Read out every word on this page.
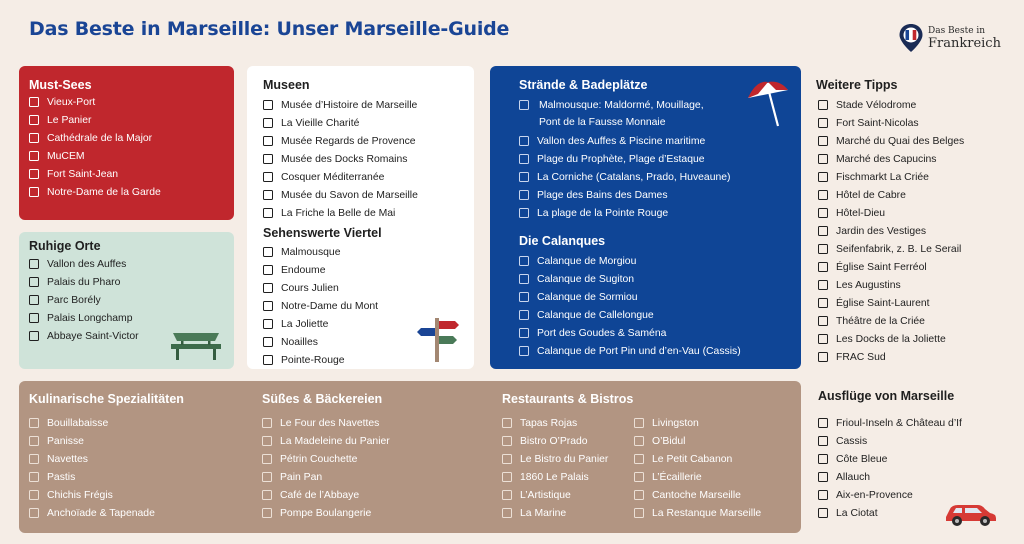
Das Beste in Marseille: Unser Marseille-Guide	Das Beste in
Frankreich
Must-Sees
Vieux-Port
Le Panier
Cathédrale de la Major
MuCEM
Fort Saint-Jean
Notre-Dame de la Garde
Ruhige Orte
Vallon des Auffes
Palais du Pharo
Parc Borély
Palais Longchamp
Abbaye Saint-Victor
Museen
Musée d’Histoire de Marseille
La Vieille Charité
Musée Regards de Provence
Musée des Docks Romains
Cosquer Méditerranée
Musée du Savon de Marseille
La Friche la Belle de Mai
Sehenswerte Viertel
Malmousque
Endoume
Cours Julien
Notre-Dame du Mont
La Joliette
Noailles
Pointe-Rouge
Strände & Badeplätze
Malmousque: Maldormé, Mouillage,
Pont de la Fausse Monnaie
Vallon des Auffes & Piscine maritime
Plage du Prophète, Plage d’Estaque
La Corniche (Catalans, Prado, Huveaune)
Plage des Bains des Dames
La plage de la Pointe Rouge
Die Calanques
Calanque de Morgiou
Calanque de Sugiton
Calanque de Sormiou
Calanque de Callelongue
Port des Goudes & Saména
Calanque de Port Pin und d’en-Vau (Cassis)
Weitere Tipps
Stade Vélodrome
Fort Saint-Nicolas
Marché du Quai des Belges
Marché des Capucins
Fischmarkt La Criée
Hôtel de Cabre
Hôtel-Dieu
Jardin des Vestiges
Seifenfabrik, z. B. Le Serail
Église Saint Ferréol
Les Augustins
Église Saint-Laurent
Théâtre de la Criée
Les Docks de la Joliette
FRAC Sud
Kulinarische Spezialitäten
Bouillabaisse
Panisse
Navettes
Pastis
Chichis Frégis
Anchoïade & Tapenade
Süßes & Bäckereien
Le Four des Navettes
La Madeleine du Panier
Pétrin Couchette
Pain Pan
Café de l’Abbaye
Pompe Boulangerie
Restaurants & Bistros
Tapas Rojas
Bistro O’Prado
Le Bistro du Panier
1860 Le Palais
L’Artistique
La Marine
Livingston
O’Bidul
Le Petit Cabanon
L’Écaillerie
Cantoche Marseille
La Restanque Marseille
Ausflüge von Marseille
Frioul-Inseln & Château d’If
Cassis
Côte Bleue
Allauch
Aix-en-Provence
La Ciotat
